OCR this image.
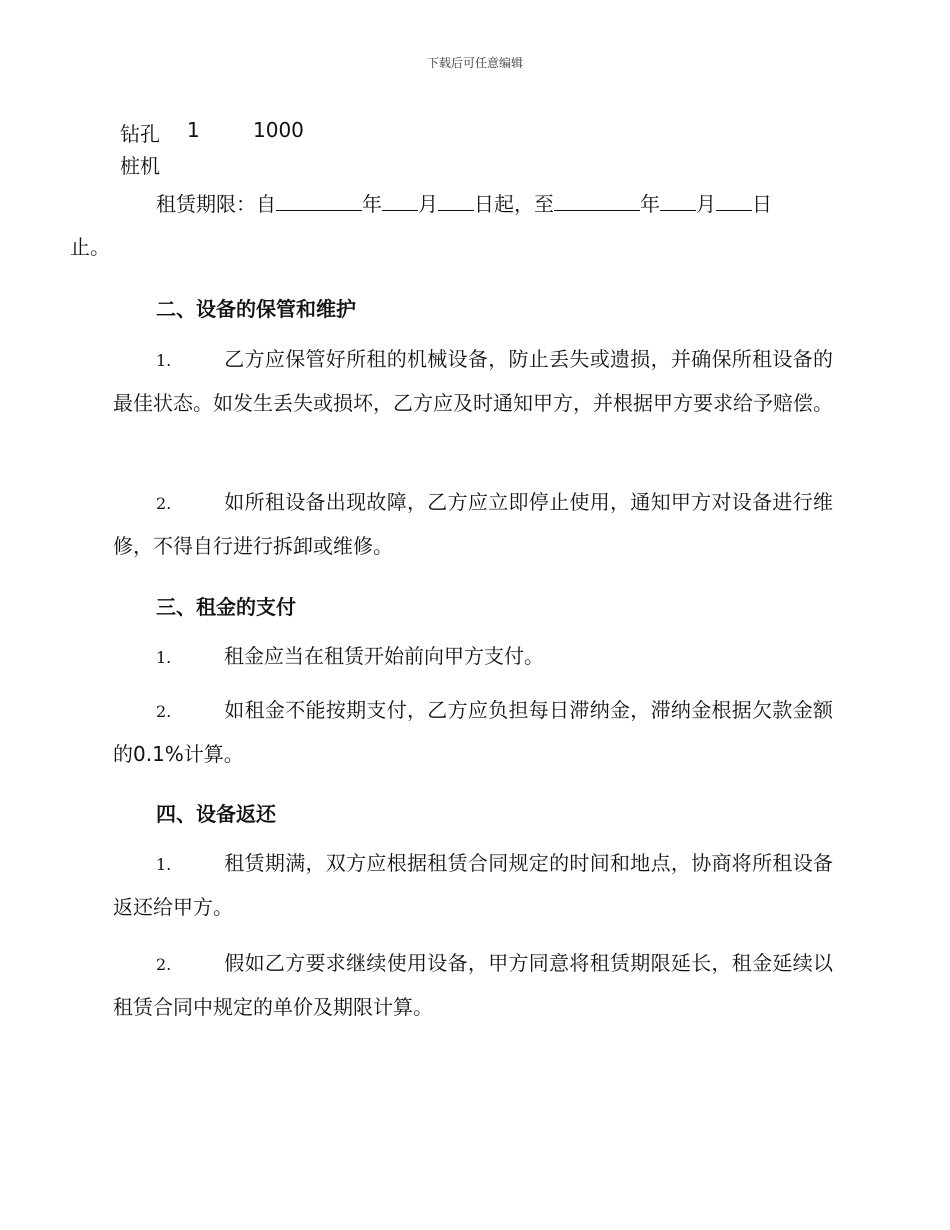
下载后可任意编辑
钻孔 1	1000
桩机
租赁期限：自	年 月 日起，至	年 月 日
止。
二、设备的保管和维护
1.	乙方应保管好所租的机械设备，防止丢失或遗损，并确保所租设备的最佳状态。如发生丢失或损坏，乙方应及时通知甲方，并根据甲方要求给予赔偿。
2.	如所租设备出现故障，乙方应立即停止使用，通知甲方对设备进行维修，不得自行进行拆卸或维修。
三、租金的支付
1.	租金应当在租赁开始前向甲方支付。
2.	如租金不能按期支付，乙方应负担每日滞纳金，滞纳金根据欠款金额的0.1%计算。
四、设备返还
1.	租赁期满，双方应根据租赁合同规定的时间和地点，协商将所租设备返还给甲方。
2.	假如乙方要求继续使用设备，甲方同意将租赁期限延长，租金延续以租赁合同中规定的单价及期限计算。
